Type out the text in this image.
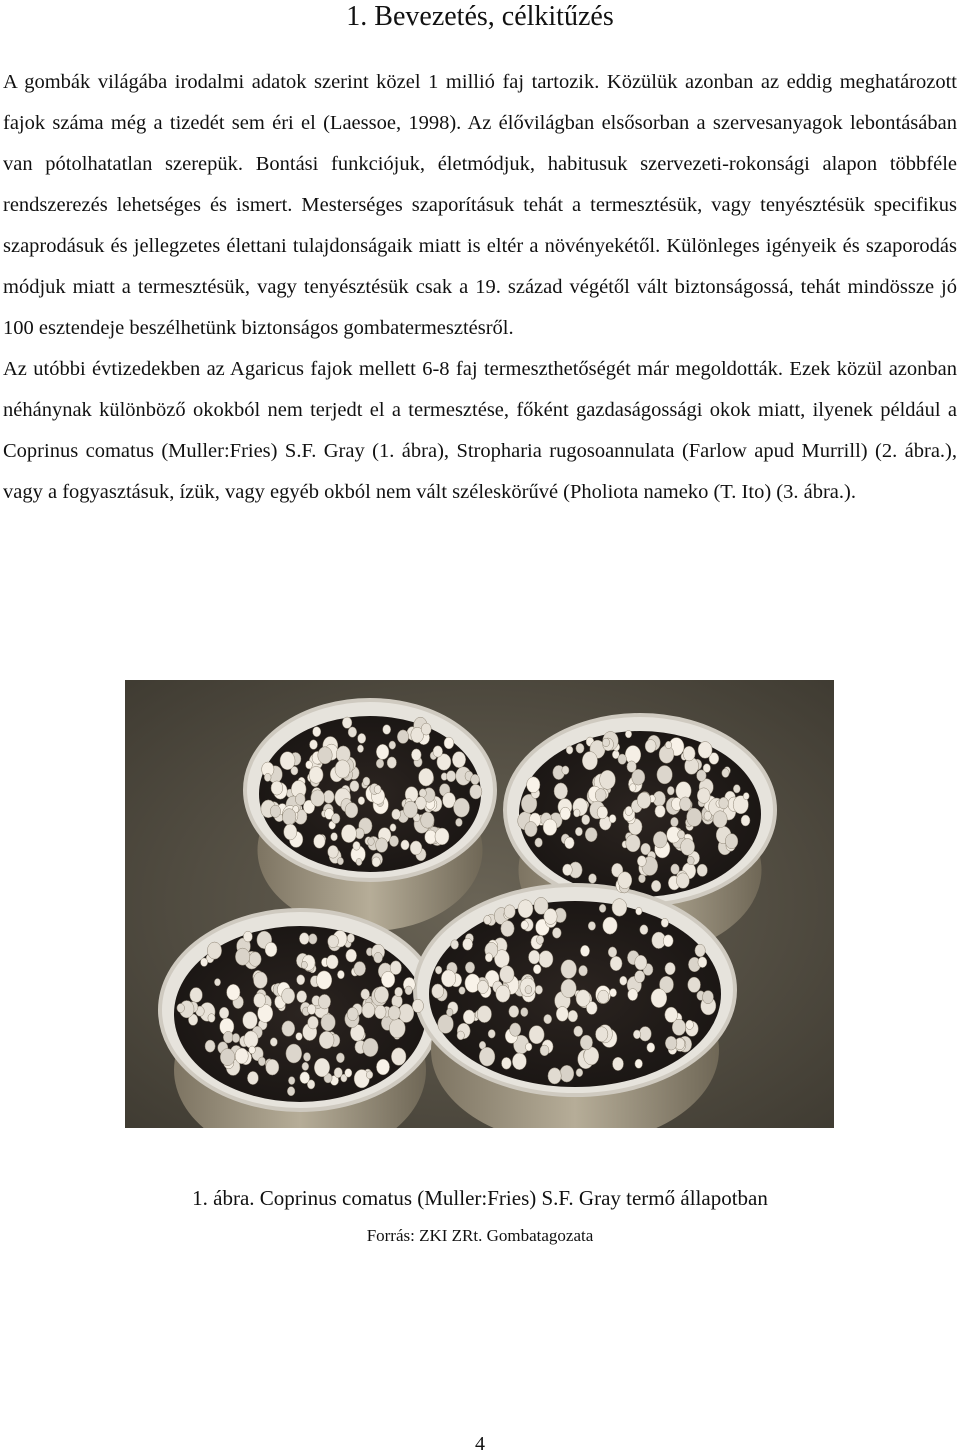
1. Bevezetés, célkitűzés

A gombák világába irodalmi adatok szerint közel 1 millió faj tartozik. Közülük azonban az eddig meghatározott fajok száma még a tizedét sem éri el (Laessoe, 1998). Az élővilágban elsősorban a szervesanyagok lebontásában van pótolhatatlan szerepük. Bontási funkciójuk, életmódjuk, habitusuk szervezeti-rokonsági alapon többféle rendszerezés lehetséges és ismert. Mesterséges szaporításuk tehát a termesztésük, vagy tenyésztésük specifikus szaprodásuk és jellegzetes élettani tulajdonságaik miatt is eltér a növényekétől. Különleges igényeik és szaporodás módjuk miatt a termesztésük, vagy tenyésztésük csak a 19. század végétől vált biztonságossá, tehát mindössze jó 100 esztendeje beszélhetünk biztonságos gombatermesztésről.

Az utóbbi évtizedekben az Agaricus fajok mellett 6-8 faj termeszthetőségét már megoldották. Ezek közül azonban néhánynak különböző okokból nem terjedt el a termesztése, főként gazdaságossági okok miatt, ilyenek például a Coprinus comatus (Muller:Fries) S.F. Gray (1. ábra), Stropharia rugosoannulata (Farlow apud Murrill) (2. ábra.), vagy a fogyasztásuk, ízük, vagy egyéb okból nem vált széleskörűvé (Pholiota nameko (T. Ito) (3. ábra.).

1. ábra. Coprinus comatus (Muller:Fries) S.F. Gray termő állapotban

Forrás: ZKI ZRt. Gombatagozata

4
